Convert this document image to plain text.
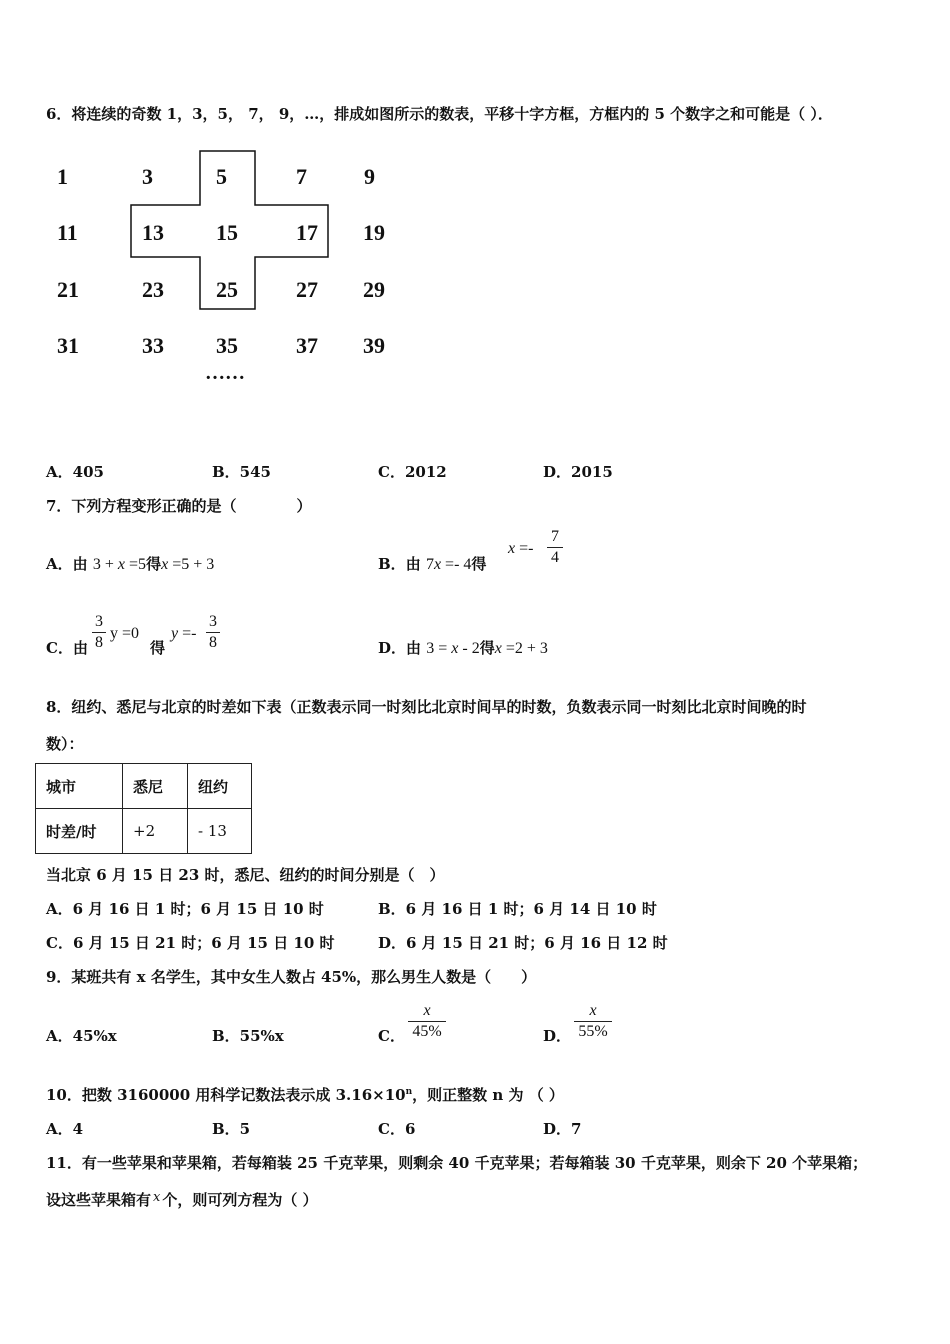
6．将连续的奇数 1，3，5， 7， 9，…，排成如图所示的数表，平移十字方框，方框内的 5 个数字之和可能是（ ）．
1	3	5	7	9
11	13 15	17 19
21	23 25	27 29
31	33 35	37 39
……
A．405	B．545	C．2012	D．2015
7．下列方程变形正确的是（　　　　）
A．由 3 + x =5得x =5 + 3	B．由 7x =- 4得
x =-
7
4
C．由
3
8
y =0
得
y =-
3
8	D．由 3 = x - 2得x =2 + 3
8．纽约、悉尼与北京的时差如下表（正数表示同一时刻比北京时间早的时数，负数表示同一时刻比北京时间晚的时
数）：
城市	悉尼	纽约
时差/时	+2	- 13
当北京 6 月 15 日 23 时，悉尼、纽约的时间分别是（　）
A．6 月 16 日 1 时；6 月 15 日 10 时	B．6 月 16 日 1 时；6 月 14 日 10 时
C．6 月 15 日 21 时；6 月 15 日 10 时	D．6 月 15 日 21 时；6 月 16 日 12 时
9．某班共有 x 名学生，其中女生人数占 45%，那么男生人数是（　　）
A．45%x	B．55%x	C．
x
45%	D．
x
55%
10．把数 3160000 用科学记数法表示成 $3.16\times 10^n$，则正整数 n 为 （ ）
A．4	B．5	C．6	D．7
11．有一些苹果和苹果箱，若每箱装 25 千克苹果，则剩余 40 千克苹果；若每箱装 30 千克苹果，则余下 20 个苹果箱；
设这些苹果箱有 x 个，则可列方程为（ ）
